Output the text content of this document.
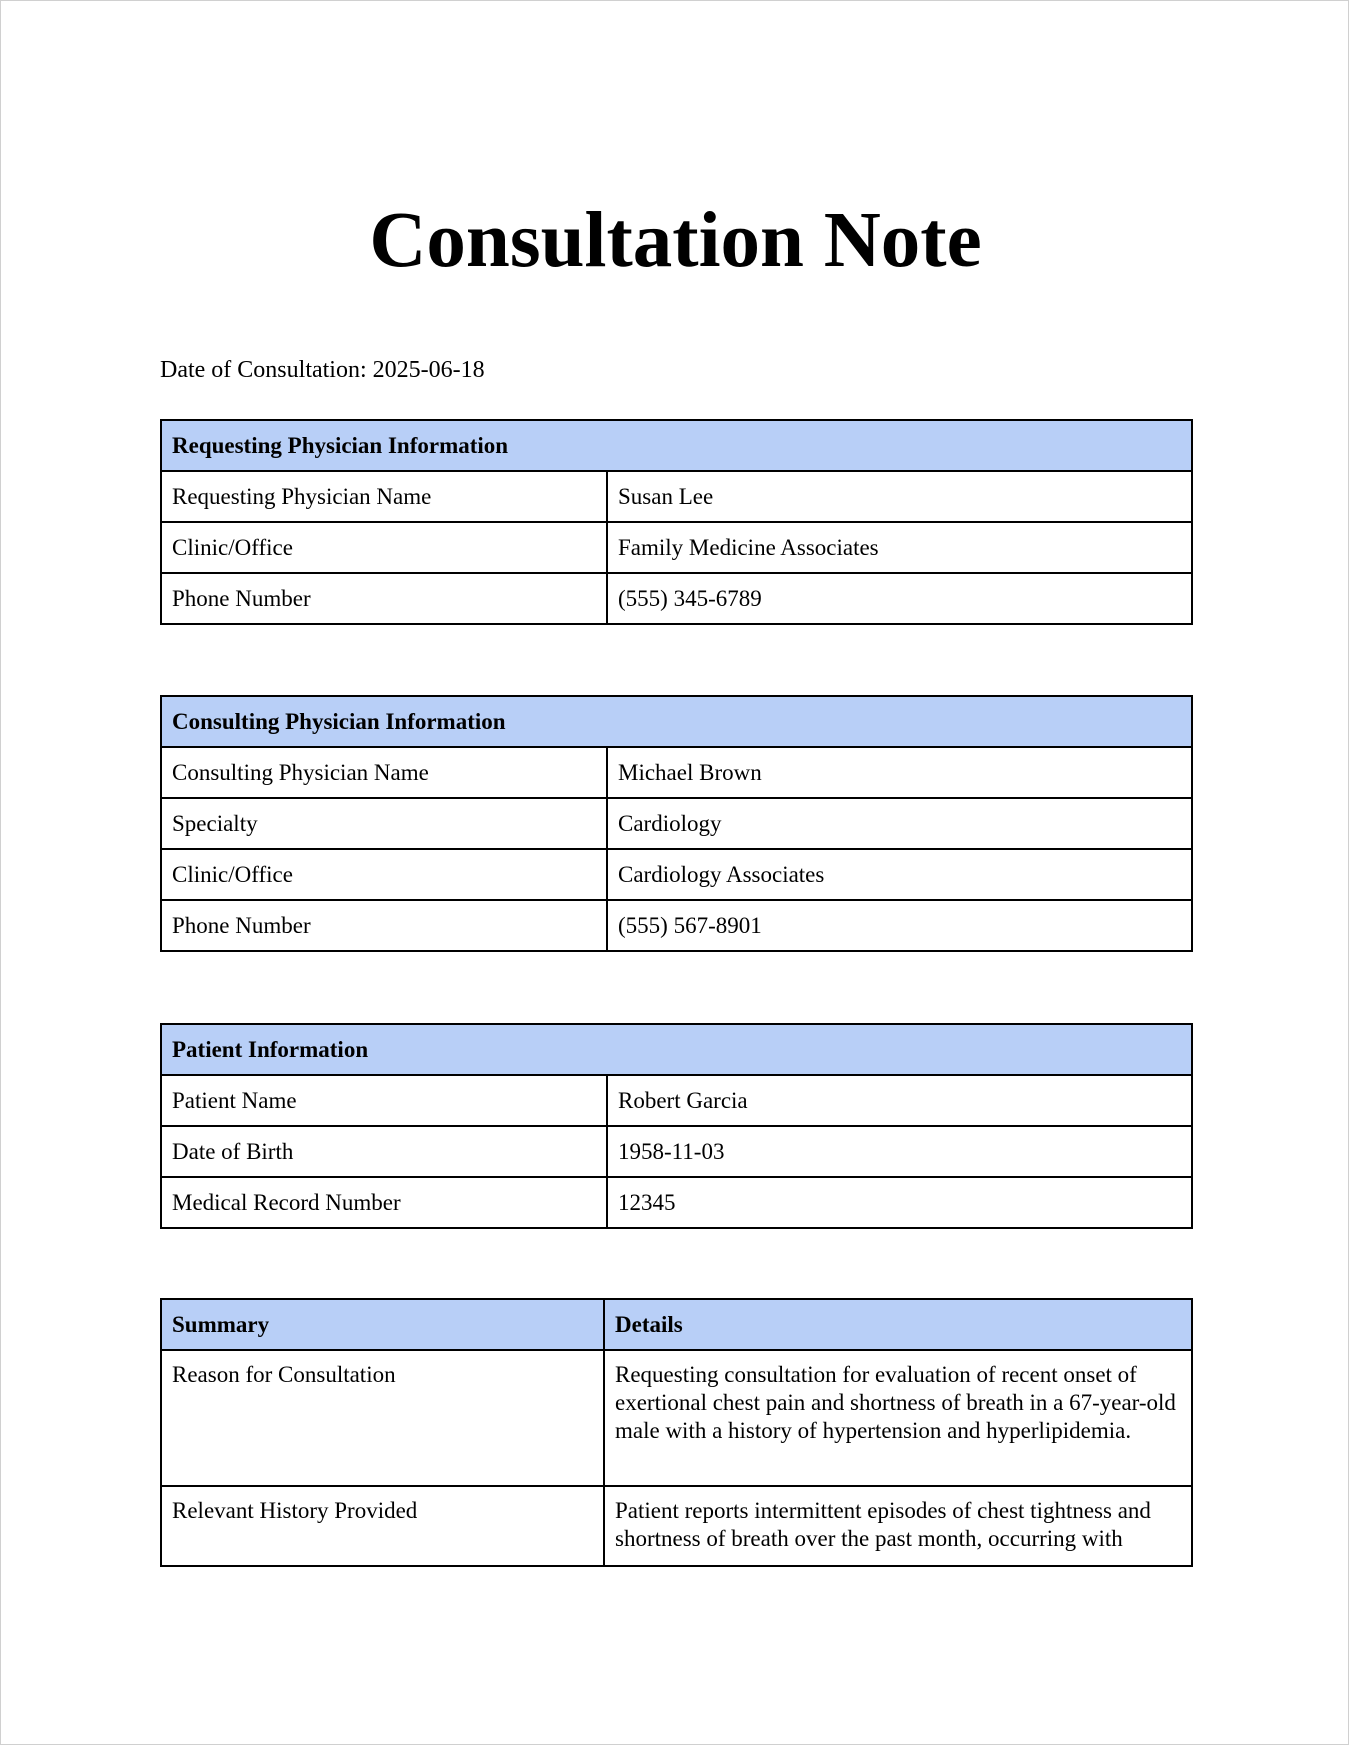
Consultation Note
Date of Consultation: 2025-06-18
Requesting Physician Information	
Requesting Physician Name	Susan Lee
Clinic/Office	Family Medicine Associates
Phone Number	(555) 345-6789
Consulting Physician Information	
Consulting Physician Name	Michael Brown
Specialty	Cardiology
Clinic/Office	Cardiology Associates
Phone Number	(555) 567-8901
Patient Information	
Patient Name	Robert Garcia
Date of Birth	1958-11-03
Medical Record Number	12345
Summary	Details
Reason for Consultation	Requesting consultation for evaluation of recent onset of exertional chest pain and shortness of breath in a 67-year-old male with a history of hypertension and hyperlipidemia.
Relevant History Provided	Patient reports intermittent episodes of chest tightness and shortness of breath over the past month, occurring with
